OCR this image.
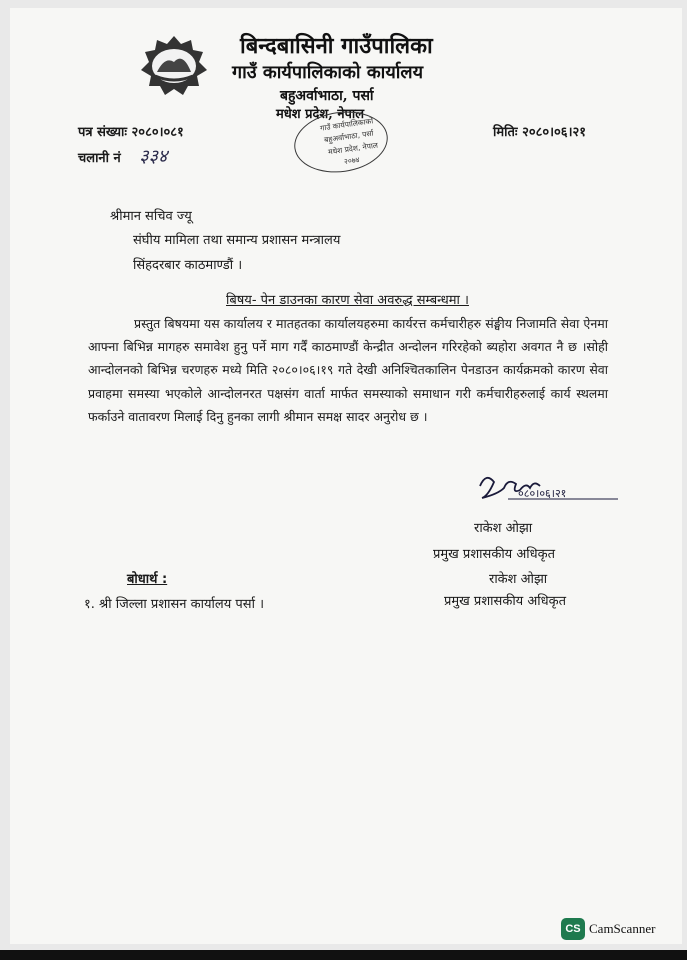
बिन्दबासिनी गाउँपालिका
गाउँ कार्यपालिकाको कार्यालय
बहुअर्वाभाठा, पर्सा
मधेश प्रदेश, नेपाल
पत्र संख्याः २०८०।०८१
चलानी नं ३३४
मितिः २०८०।०६।२१
गाउँ कार्यपालिकाको
बहुअर्वाभाठा, पर्सा
मधेश प्रदेश, नेपाल
२०७४
श्रीमान सचिव ज्यू
संघीय मामिला तथा समान्य प्रशासन मन्त्रालय
सिंहदरबार काठमाण्डौं ।
बिषय- पेन डाउनका कारण सेवा अवरुद्ध सम्बन्धमा ।
प्रस्तुत बिषयमा यस कार्यालय र मातहतका कार्यालयहरुमा कार्यरत्त कर्मचारीहरु संङ्घीय निजामति सेवा ऐनमा आफ्ना बिभिन्न मागहरु समावेश हुनु पर्ने माग गर्दैं काठमाण्डौं केन्द्रीत अन्दोलन गरिरहेको ब्यहोरा अवगत नै छ ।सोही आन्दोलनको बिभिन्न चरणहरु मध्ये मिति २०८०।०६।१९ गते देखी अनिश्चितकालिन पेनडाउन कार्यक्रमको कारण सेवा प्रवाहमा समस्या भएकोले आन्दोलनरत पक्षसंग वार्ता मार्फत समस्याको समाधान गरी कर्मचारीहरुलाई कार्य स्थलमा फर्काउने वातावरण मिलाई दिनु हुनका लागी श्रीमान समक्ष सादर अनुरोध छ ।
०८०।०६।२१
राकेश ओझा
प्रमुख प्रशासकीय अधिकृत
राकेश ओझा
प्रमुख प्रशासकीय अधिकृत
बोधार्थ :
१. श्री जिल्ला प्रशासन कार्यालय पर्सा ।
CS CamScanner
